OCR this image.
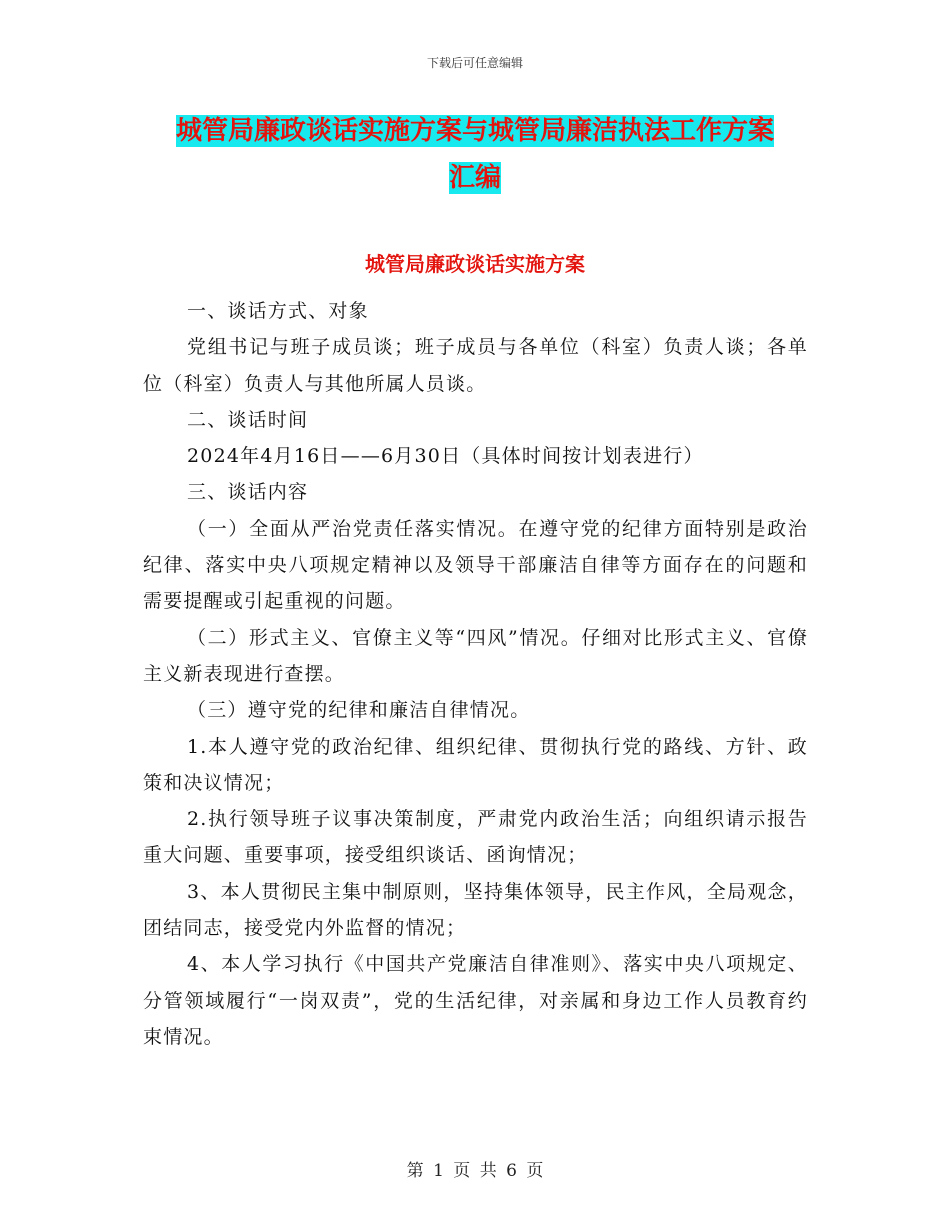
下载后可任意编辑
城管局廉政谈话实施方案与城管局廉洁执法工作方案
汇编
城管局廉政谈话实施方案

一、谈话方式、对象

党组书记与班子成员谈；班子成员与各单位（科室）负责人谈；各单位（科室）负责人与其他所属人员谈。

二、谈话时间

2024年4月16日——6月30日（具体时间按计划表进行）

三、谈话内容

（一）全面从严治党责任落实情况。在遵守党的纪律方面特别是政治纪律、落实中央八项规定精神以及领导干部廉洁自律等方面存在的问题和需要提醒或引起重视的问题。

（二）形式主义、官僚主义等“四风”情况。仔细对比形式主义、官僚主义新表现进行查摆。

（三）遵守党的纪律和廉洁自律情况。

1.本人遵守党的政治纪律、组织纪律、贯彻执行党的路线、方针、政策和决议情况；

2.执行领导班子议事决策制度，严肃党内政治生活；向组织请示报告重大问题、重要事项，接受组织谈话、函询情况；

3、本人贯彻民主集中制原则，坚持集体领导，民主作风，全局观念，团结同志，接受党内外监督的情况；

4、本人学习执行《中国共产党廉洁自律准则》、落实中央八项规定、分管领域履行“一岗双责”，党的生活纪律，对亲属和身边工作人员教育约束情况。

第 1 页 共 6 页
